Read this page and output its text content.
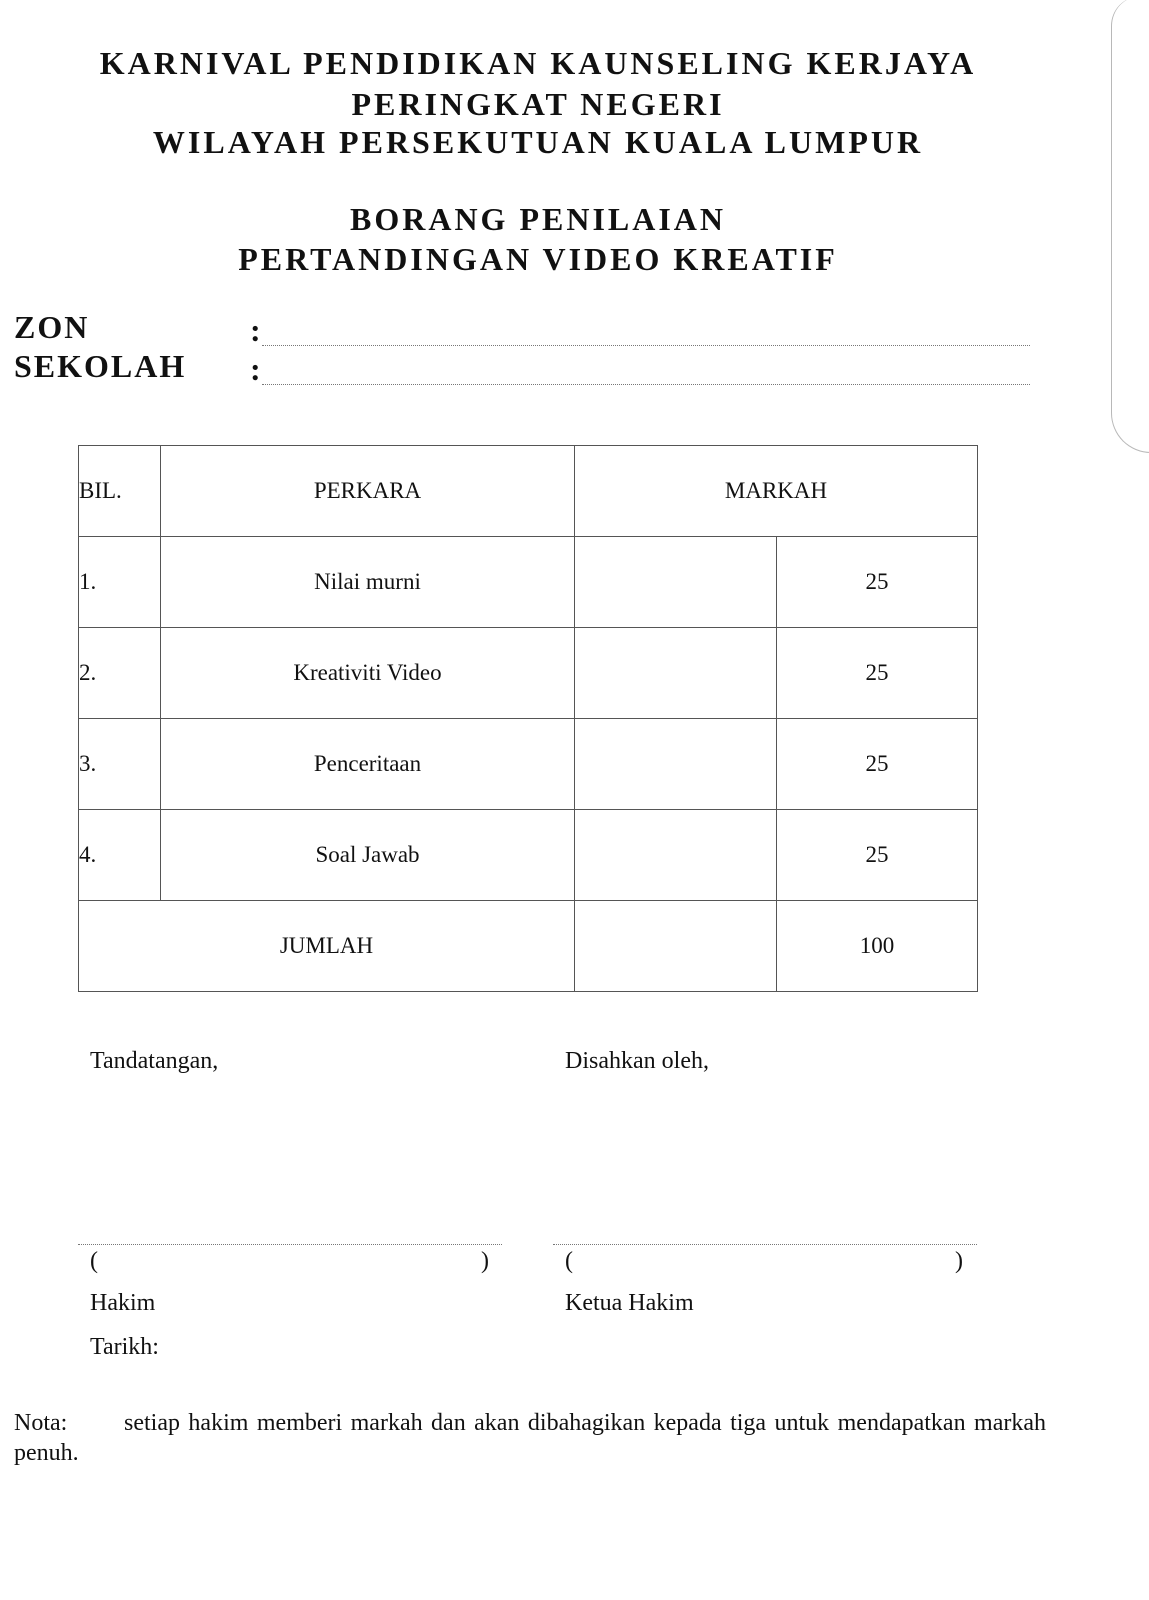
KARNIVAL PENDIDIKAN KAUNSELING KERJAYA
PERINGKAT NEGERI
WILAYAH PERSEKUTUAN KUALA LUMPUR
BORANG PENILAIAN
PERTANDINGAN VIDEO KREATIF
ZON	:
SEKOLAH :
BIL.	PERKARA	MARKAH	
1.	Nilai murni		25
2.	Kreativiti Video		25
3.	Penceritaan		25
4.	Soal Jawab		25
JUMLAH			100
Tandatangan,	Disahkan oleh,
(	)	(	)
Hakim	Ketua Hakim
Tarikh:
Nota: setiap hakim memberi markah dan akan dibahagikan kepada tiga untuk mendapatkan markah penuh.
